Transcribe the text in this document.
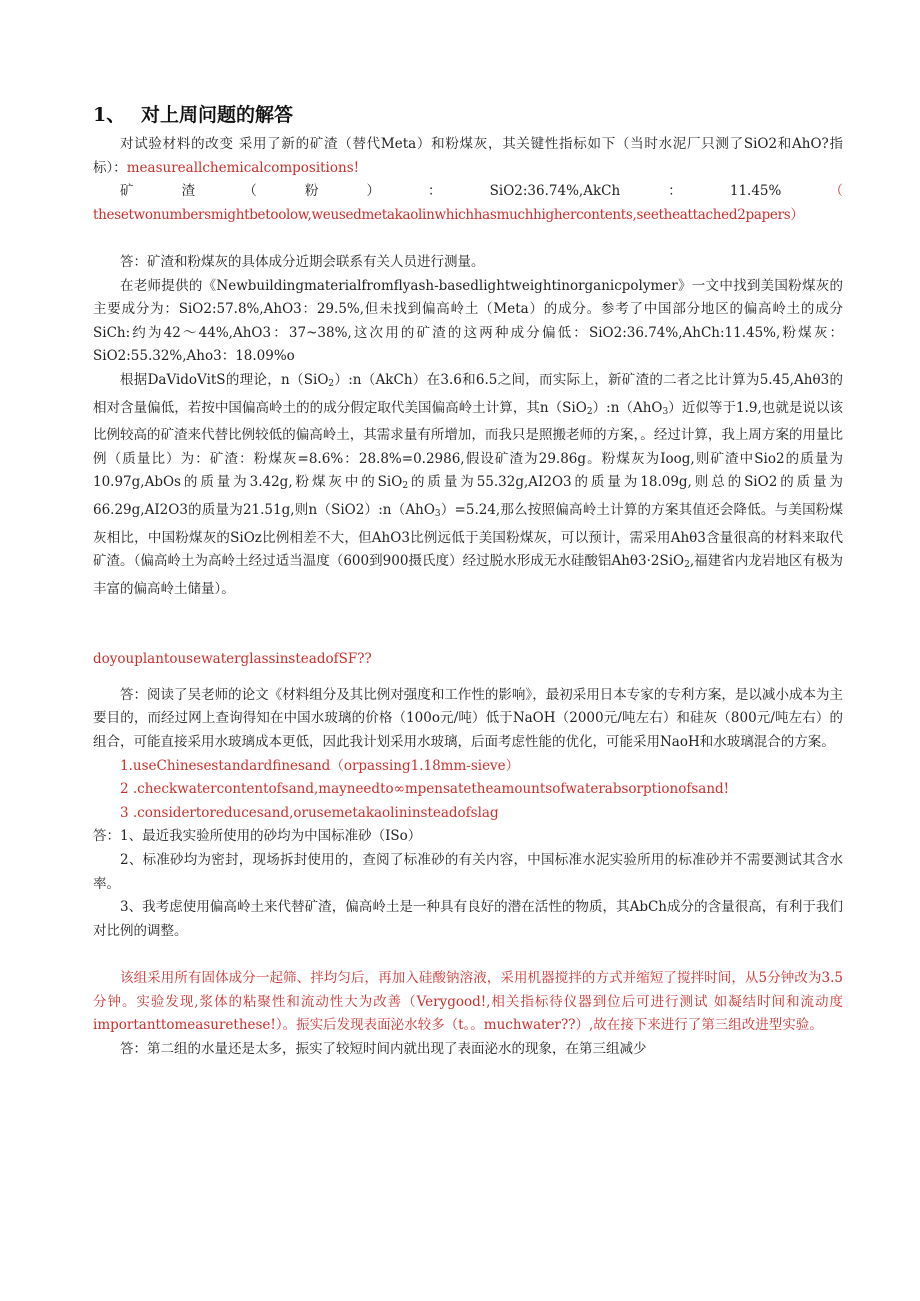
1、 对上周问题的解答

对试验材料的改变 采用了新的矿渣（替代Meta）和粉煤灰，其关键性指标如下（当时水泥厂只测了SiO2和AhO?指标）：measureallchemicalcompositions!

矿	渣	（	粉	）	：	SiO2:36.74%,AkCh	：	11.45%	（

thesetwonumbersmightbetoolow,weusedmetakaolinwhichhasmuchhighercontents,seetheattached2papers）

答：矿渣和粉煤灰的具体成分近期会联系有关人员进行测量。

在老师提供的《Newbuildingmaterialfromflyash-basedlightweightinorganicpolymer》一文中找到美国粉煤灰的主要成分为：SiO2:57.8%,AhO3：29.5%,但未找到偏高岭土（Meta）的成分。参考了中国部分地区的偏高岭土的成分SiCh:约为42～44%,AhO3：37~38%,这次用的矿渣的这两种成分偏低：SiO2:36.74%,AhCh:11.45%,粉煤灰：SiO2:55.32%,Aho3：18.09%o

根据DaVidoVitS的理论，n（SiO$_2$）:n（AkCh）在3.6和6.5之间，而实际上，新矿渣的二者之比计算为5.45,Ahθ3的相对含量偏低，若按中国偏高岭土的的成分假定取代美国偏高岭土计算，其n（SiO$_2$）:n（AhO$_3$）近似等于1.9,也就是说以该比例较高的矿渣来代替比例较低的偏高岭土，其需求量有所增加，而我只是照搬老师的方案，。经过计算，我上周方案的用量比例（质量比）为：矿渣：粉煤灰=8.6%：28.8%=0.2986,假设矿渣为29.86g。粉煤灰为Ioog,则矿渣中Sio2的质量为10.97g,AbOs的质量为3.42g,粉煤灰中的SiO$_2$的质量为55.32g,AI2O3的质量为18.09g,则总的SiO2的质量为66.29g,AI2O3的质量为21.51g,则n（SiO2）:n（AhO$_3$）=5.24,那么按照偏高岭土计算的方案其值还会降低。与美国粉煤灰相比，中国粉煤灰的SiOz比例相差不大，但AhO3比例远低于美国粉煤灰，可以预计，需采用Ahθ3含量很高的材料来取代矿渣。（偏高岭土为高岭土经过适当温度（600到900摄氏度）经过脱水形成无水硅酸铝Ahθ3·2SiO$_2$,福建省内龙岩地区有极为丰富的偏高岭土储量）。

doyouplantousewaterglassinsteadofSF??

答：阅读了吴老师的论文《材料组分及其比例对强度和工作性的影响》，最初采用日本专家的专利方案，是以减小成本为主要目的，而经过网上查询得知在中国水玻璃的价格（100o元/吨）低于NaOH（2000元/吨左右）和硅灰（800元/吨左右）的组合，可能直接采用水玻璃成本更低，因此我计划采用水玻璃，后面考虑性能的优化，可能采用NaoH和水玻璃混合的方案。

1.useChinesestandardfinesand（orpassing1.18mm-sieve）

2 .checkwatercontentofsand,mayneedto∞mpensatetheamountsofwaterabsorptionofsand!

3 .considertoreducesand,orusemetakaolininsteadofslag

答：1、最近我实验所使用的砂均为中国标准砂（ISo）

2、标准砂均为密封，现场拆封使用的，查阅了标准砂的有关内容，中国标准水泥实验所用的标准砂并不需要测试其含水率。

3、我考虑使用偏高岭土来代替矿渣，偏高岭土是一种具有良好的潜在活性的物质，其AbCh成分的含量很高，有利于我们对比例的调整。

该组采用所有固体成分一起筛、拌均匀后，再加入硅酸钠溶液，采用机器搅拌的方式并缩短了搅拌时间，从5分钟改为3.5分钟。实验发现,浆体的粘聚性和流动性大为改善（Verygood!,相关指标待仪器到位后可进行测试 如凝结时间和流动度 importanttomeasurethese!）。振实后发现表面泌水较多（t。。muchwater??）,故在接下来进行了第三组改进型实验。

答：第二组的水量还是太多，振实了较短时间内就出现了表面泌水的现象，在第三组减少
